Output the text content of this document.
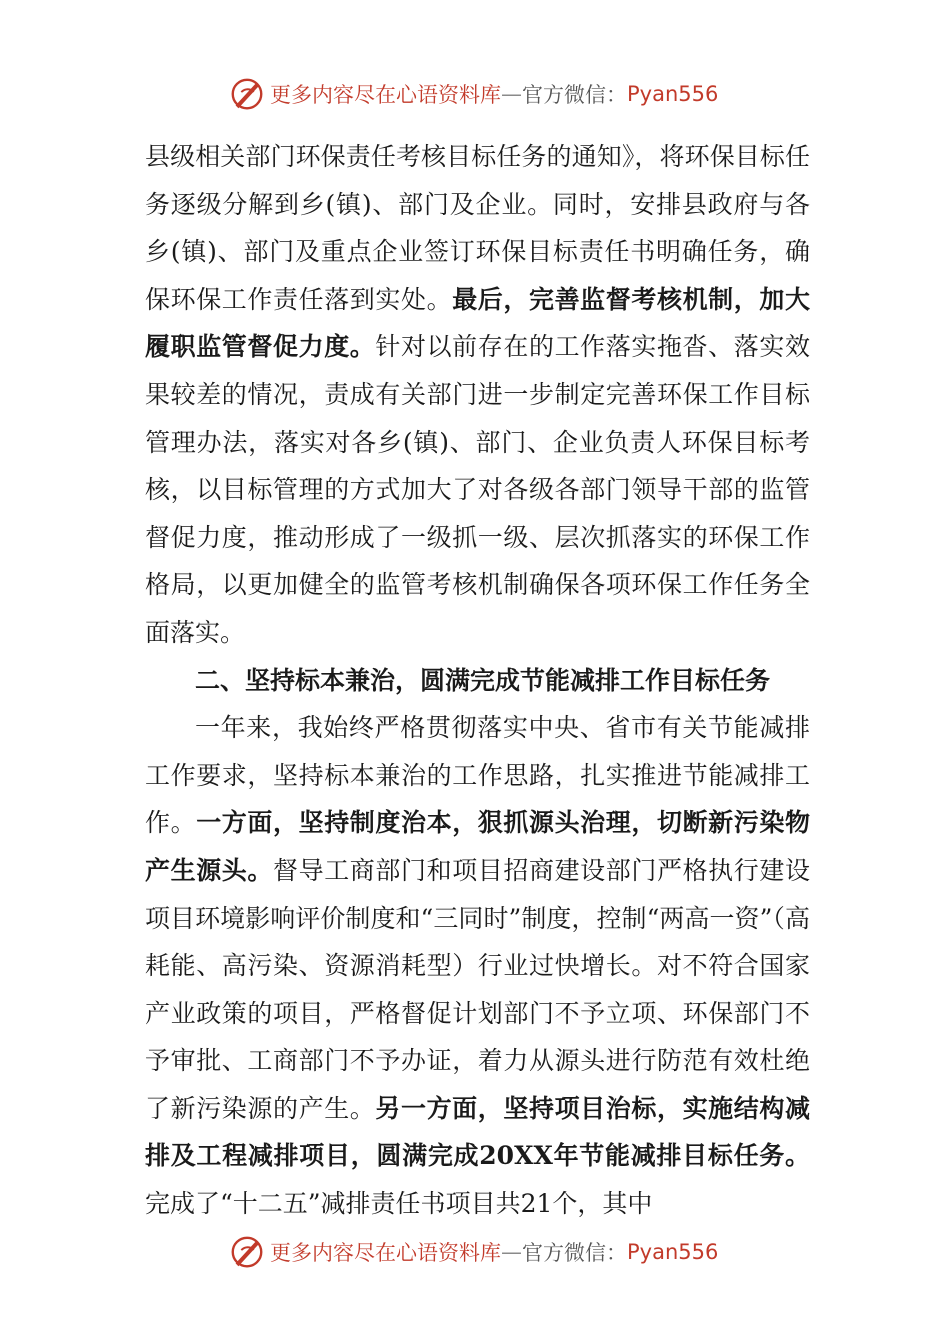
更多内容尽在心语资料库 — 官方微信： Pyan556

县级相关部门环保责任考核目标任务的通知》，将环保目标任务逐级分解到乡(镇)、部门及企业。同时，安排县政府与各乡(镇)、部门及重点企业签订环保目标责任书明确任务，确保环保工作责任落到实处。最后，完善监督考核机制，加大履职监管督促力度。针对以前存在的工作落实拖沓、落实效果较差的情况，责成有关部门进一步制定完善环保工作目标管理办法，落实对各乡(镇)、部门、企业负责人环保目标考核，以目标管理的方式加大了对各级各部门领导干部的监管督促力度，推动形成了一级抓一级、层次抓落实的环保工作格局，以更加健全的监管考核机制确保各项环保工作任务全面落实。

二、坚持标本兼治，圆满完成节能减排工作目标任务

一年来，我始终严格贯彻落实中央、省市有关节能减排工作要求，坚持标本兼治的工作思路，扎实推进节能减排工作。一方面，坚持制度治本，狠抓源头治理，切断新污染物产生源头。督导工商部门和项目招商建设部门严格执行建设项目环境影响评价制度和“三同时”制度，控制“两高一资”（高耗能、高污染、资源消耗型）行业过快增长。对不符合国家产业政策的项目，严格督促计划部门不予立项、环保部门不予审批、工商部门不予办证，着力从源头进行防范有效杜绝了新污染源的产生。另一方面，坚持项目治标，实施结构减排及工程减排项目，圆满完成20XX年节能减排目标任务。完成了“十二五”减排责任书项目共21个，其中

更多内容尽在心语资料库 — 官方微信： Pyan556
